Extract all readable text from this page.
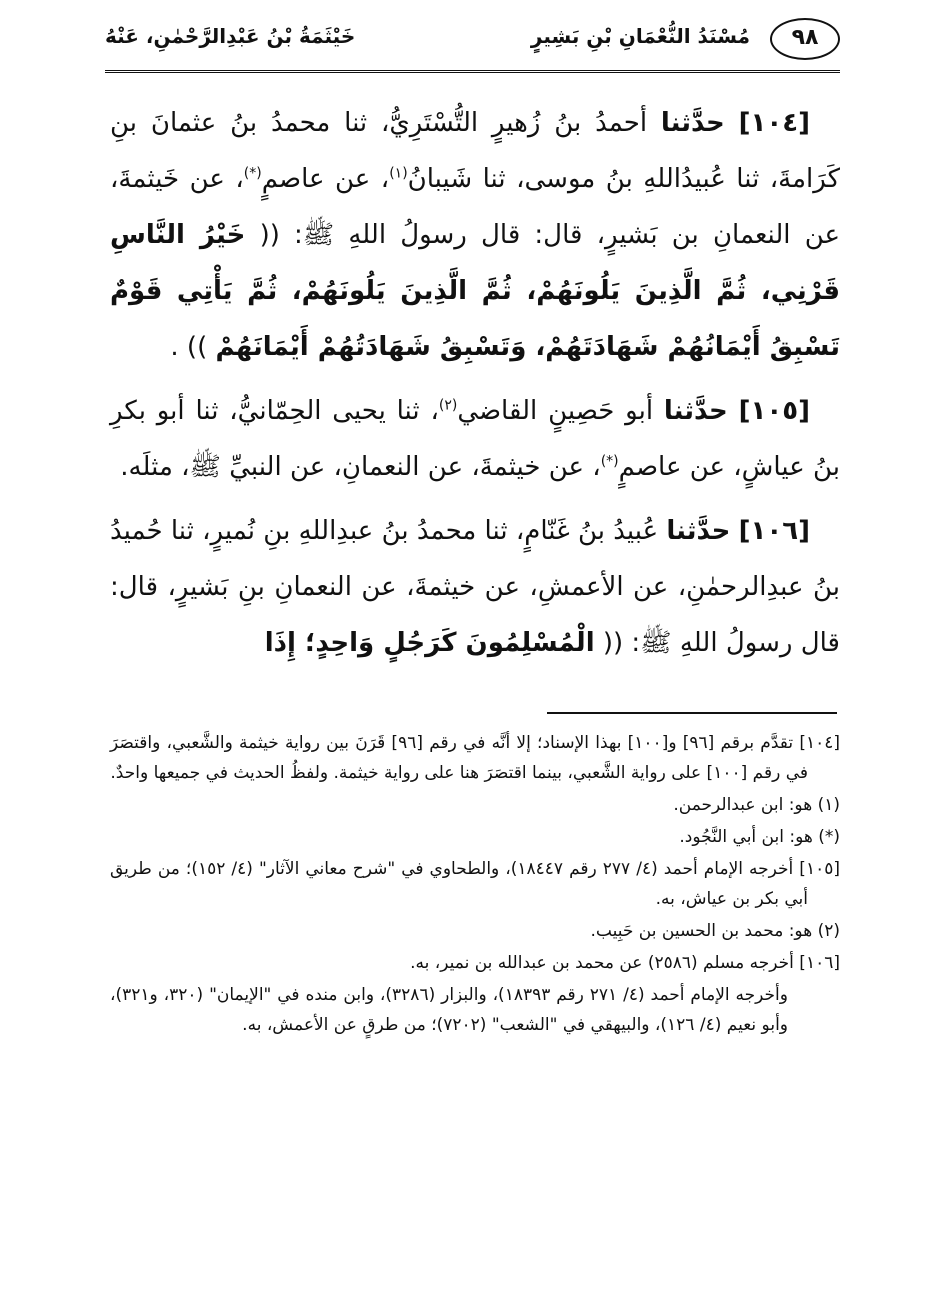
٩٨
مُسْنَدُ النُّعْمَانِ بْنِ بَشِيرٍ
خَيْثَمَةُ بْنُ عَبْدِالرَّحْمٰنِ، عَنْهُ

[١٠٤] حدَّثنا أحمدُ بنُ زُهيرٍ التُّسْتَرِيُّ، ثنا محمدُ بنُ عثمانَ بنِ كَرَامةَ، ثنا عُبيدُاللهِ بنُ موسى، ثنا شَيبانُ$^{(١)}$، عن عاصمٍ(*)، عن خَيثمةَ، عن النعمانِ بن بَشيرٍ، قال: قال رسولُ اللهِ ﷺ: (( خَيْرُ النَّاسِ قَرْنِي، ثُمَّ الَّذِينَ يَلُونَهُمْ، ثُمَّ الَّذِينَ يَلُونَهُمْ، ثُمَّ يَأْتِي قَوْمٌ تَسْبِقُ أَيْمَانُهُمْ شَهَادَتَهُمْ، وَتَسْبِقُ شَهَادَتُهُمْ أَيْمَانَهُمْ )) .

[١٠٥] حدَّثنا أبو حَصِينٍ القاضي$^{(٢)}$، ثنا يحيى الحِمّانيُّ، ثنا أبو بكرِ بنُ عياشٍ، عن عاصمٍ(*)، عن خيثمةَ، عن النعمانِ، عن النبيِّ ﷺ، مثلَه.

[١٠٦] حدَّثنا عُبيدُ بنُ غَنّامٍ، ثنا محمدُ بنُ عبدِاللهِ بنِ نُميرٍ، ثنا حُميدُ بنُ عبدِالرحمٰنِ، عن الأعمشِ، عن خيثمةَ، عن النعمانِ بنِ بَشيرٍ، قال: قال رسولُ اللهِ ﷺ: (( الْمُسْلِمُونَ كَرَجُلٍ وَاحِدٍ؛ إِذَا

[١٠٤] تقدَّم برقم [٩٦] و[١٠٠] بهذا الإسناد؛ إلا أنَّه في رقم [٩٦] قَرَنَ بين رواية خيثمة والشَّعبي، واقتصَرَ في رقم [١٠٠] على رواية الشَّعبي، بينما اقتصَرَ هنا على رواية خيثمة. ولفظُ الحديث في جميعها واحدٌ.

(١) هو: ابن عبدالرحمن.

(*) هو: ابن أبي النَّجُود.

[١٠٥] أخرجه الإمام أحمد (٤/ ٢٧٧ رقم ١٨٤٤٧)، والطحاوي في "شرح معاني الآثار" (٤/ ١٥٢)؛ من طريق أبي بكر بن عياش، به.

(٢) هو: محمد بن الحسين بن حَبِيب.

[١٠٦] أخرجه مسلم (٢٥٨٦) عن محمد بن عبدالله بن نمير، به.

وأخرجه الإمام أحمد (٤/ ٢٧١ رقم ١٨٣٩٣)، والبزار (٣٢٨٦)، وابن منده في "الإيمان" (٣٢٠، و٣٢١)، وأبو نعيم (٤/ ١٢٦)، والبيهقي في "الشعب" (٧٢٠٢)؛ من طرقٍ عن الأعمش، به.
